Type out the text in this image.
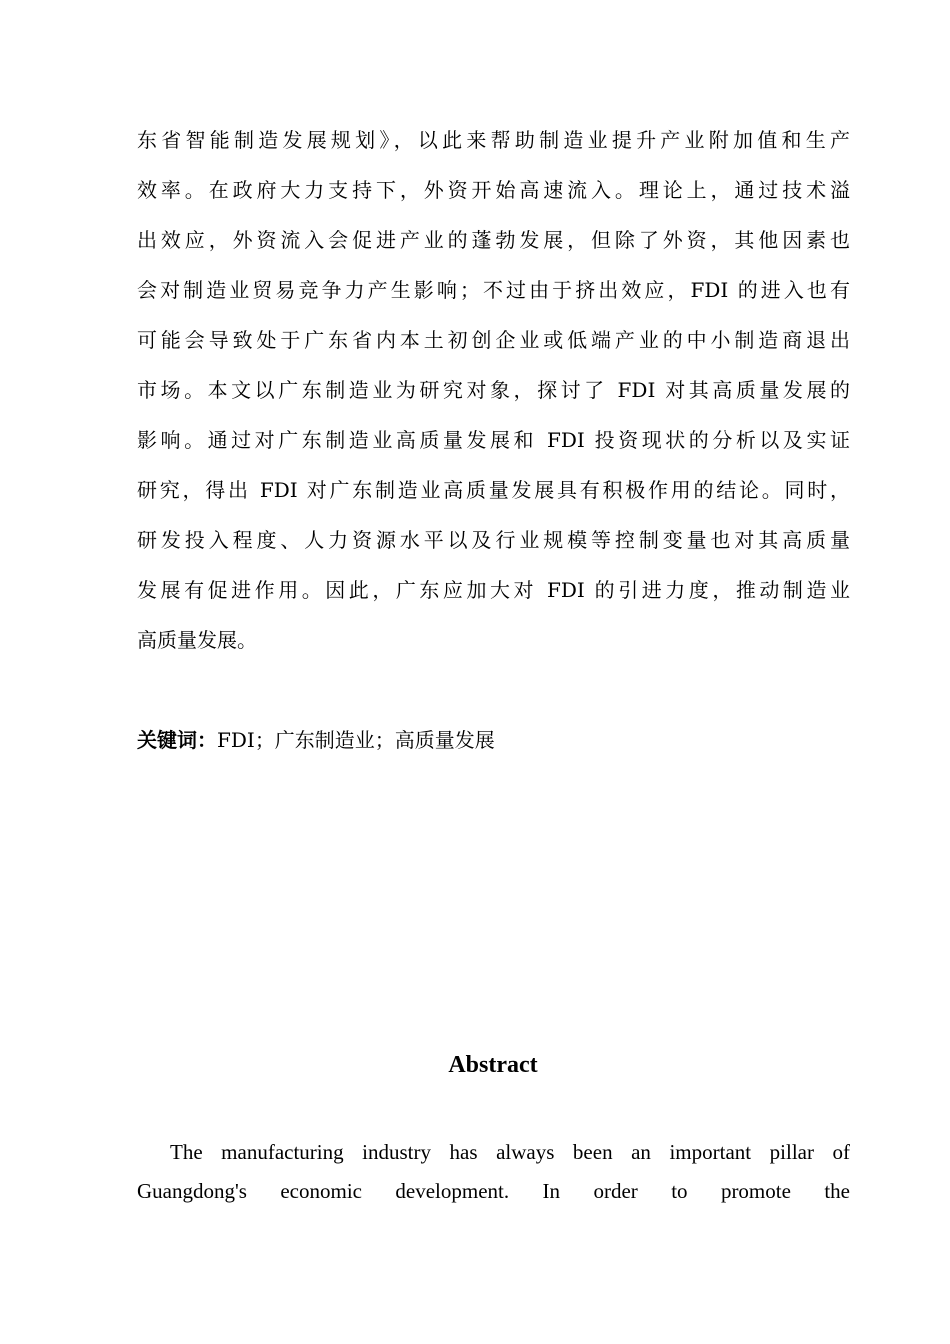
东省智能制造发展规划》，以此来帮助制造业提升产业附加值和生产
效率。在政府大力支持下，外资开始高速流入。理论上，通过技术溢
出效应，外资流入会促进产业的蓬勃发展，但除了外资，其他因素也
会对制造业贸易竞争力产生影响；不过由于挤出效应，FDI 的进入也有
可能会导致处于广东省内本土初创企业或低端产业的中小制造商退出
市场。本文以广东制造业为研究对象，探讨了 FDI 对其高质量发展的
影响。通过对广东制造业高质量发展和 FDI 投资现状的分析以及实证
研究，得出 FDI 对广东制造业高质量发展具有积极作用的结论。同时，
研发投入程度、人力资源水平以及行业规模等控制变量也对其高质量
发展有促进作用。因此，广东应加大对 FDI 的引进力度，推动制造业
高质量发展。
关键词：FDI；广东制造业；高质量发展
Abstract
The manufacturing industry has always been an important pillar of
Guangdong's economic development. In order to promote the
